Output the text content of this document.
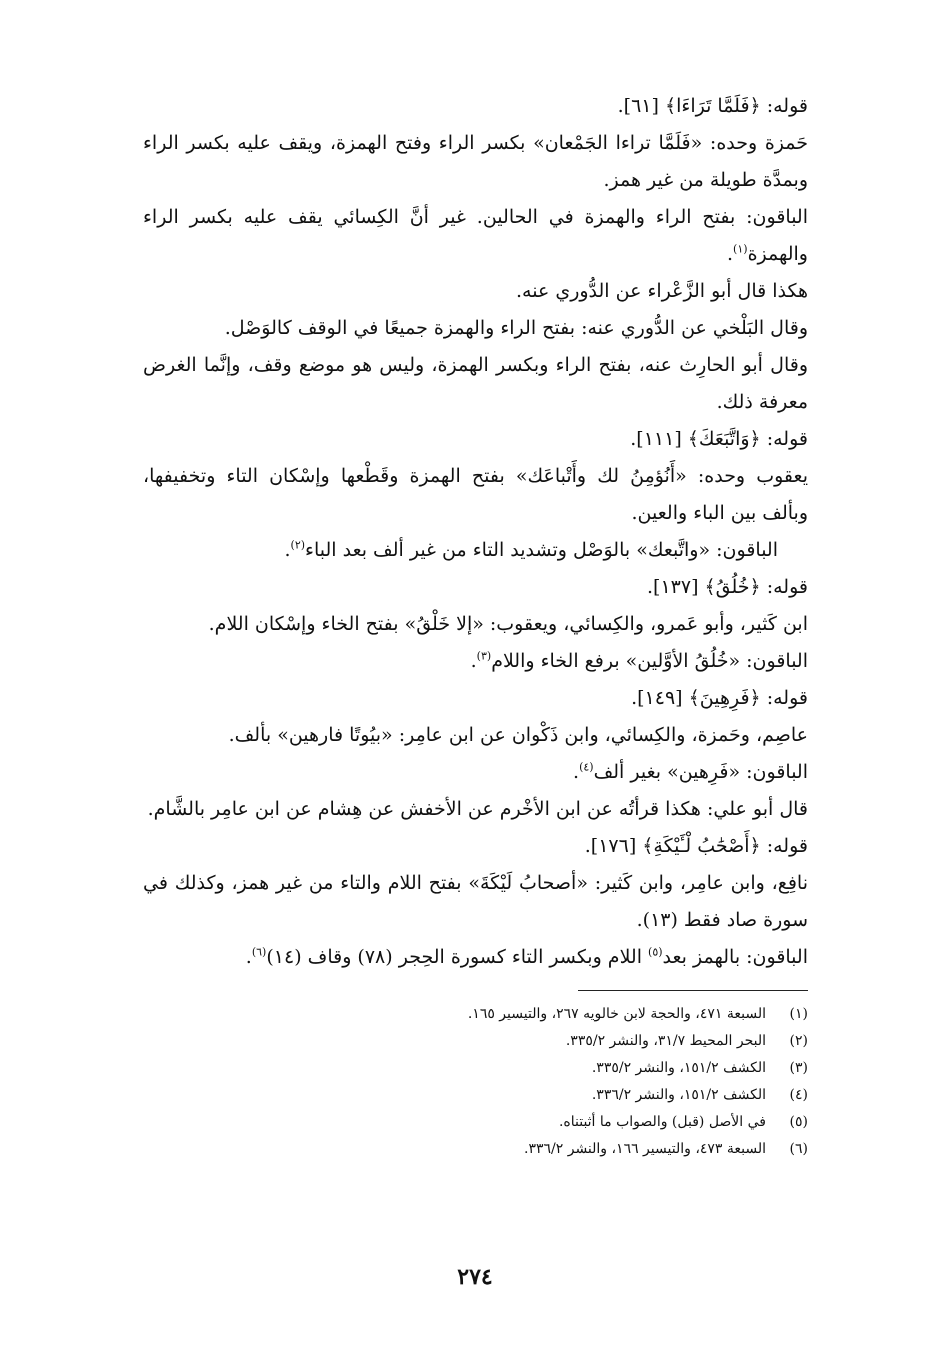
قوله: ﴿فَلَمَّا تَرَاءَا﴾ [٦١].
حَمزة وحده: «فَلَمَّا تراءا الجَمْعان» بكسر الراء وفتح الهمزة، ويقف عليه بكسر الراء وبمدَّة طويلة من غير همز.
الباقون: بفتح الراء والهمزة في الحالين. غير أنَّ الكِسائي يقف عليه بكسر الراء والهمزة$^{(١)}$.
هكذا قال أبو الزَّعْراء عن الدُّوري عنه.
وقال البَلْخي عن الدُّوري عنه: بفتح الراء والهمزة جميعًا في الوقف كالوَصْل.
وقال أبو الحارِث عنه، بفتح الراء وبكسر الهمزة، وليس هو موضع وقف، وإنَّما الغرض معرفة ذلك.
قوله: ﴿وَاتَّبَعَكَ﴾ [١١١].
يعقوب وحده: «أَنُؤمِنُ لك وأَتْباعَك» بفتح الهمزة وقَطْعها وإسْكان التاء وتخفيفها، وبألف بين الباء والعين.
الباقون: «واتَّبعك» بالوَصْل وتشديد التاء من غير ألف بعد الباء$^{(٢)}$.
قوله: ﴿خُلُقُ﴾ [١٣٧].
ابن كَثير، وأبو عَمرو، والكِسائي، ويعقوب: «إلا خَلْقُ» بفتح الخاء وإسْكان اللام.
الباقون: «خُلُقُ الأوَّلين» برفع الخاء واللام$^{(٣)}$.
قوله: ﴿فَرِهِينَ﴾ [١٤٩].
عاصِم، وحَمزة، والكِسائي، وابن ذَكْوان عن ابن عامِر: «بيُوتًا فارهين» بألف.
الباقون: «فَرِهين» بغير ألف$^{(٤)}$.
قال أبو علي: هكذا قرأتُه عن ابن الأخْرم عن الأخفش عن هِشام عن ابن عامِر بالشَّام.
قوله: ﴿أَصْحَٰبُ لْـَٔيْكَةِ﴾ [١٧٦].
نافِع، وابن عامِر، وابن كَثير: «أصحابُ لَيْكَةَ» بفتح اللام والتاء من غير همز، وكذلك في سورة صاد فقط (١٣).
الباقون: بالهمز بعد$^{(٥)}$ اللام وبكسر التاء كسورة الحِجر (٧٨) وقاف (١٤)$^{(٦)}$.
(١)
السبعة ٤٧١، والحجة لابن خالويه ٢٦٧، والتيسير ١٦٥.
(٢)
البحر المحيط ٣١/٧، والنشر ٣٣٥/٢.
(٣)
الكشف ١٥١/٢، والنشر ٣٣٥/٢.
(٤)
الكشف ١٥١/٢، والنشر ٣٣٦/٢.
(٥)
في الأصل (قبل) والصواب ما أثبتناه.
(٦)
السبعة ٤٧٣، والتيسير ١٦٦، والنشر ٣٣٦/٢.
٢٧٤
